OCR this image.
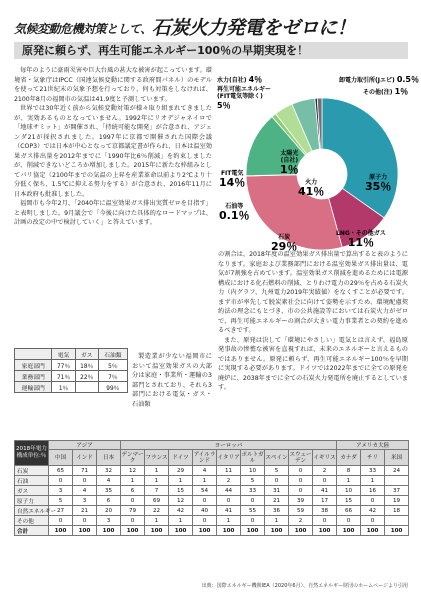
気候変動危機対策として、 石炭火力発電をゼロに！
原発に頼らず、再生可能エネルギー100％の早期実現を！

毎年のように豪雨災害や巨大台風の甚大な被害が起こっています。環境省・気象庁はIPCC（国連気候変動に関する政府間パネル）のモデルを使って21世紀末の気象予想を行っており、何も対策をしなければ、2100年8月の福岡市の気温は41.9度と予測しています。

世界では30年近く前から気候変動対策が様々取り組まれてきましたが、実効あるものとなっていません。1992年にリオデジャネイロで「地球サミット」が開催され、「持続可能な開発」が合意され、アジェンダ21が採択されました。1997年に京都で開催された国際会議（COP3）では日本が中心となって京都議定書が作られ、日本は温室効果ガス排出量を2012年までに「1990年比6％削減」を約束しましたが、削減できないどころか増加しました。2015年に新たな枠組みとしてパリ協定（2100年までの気温の上昇を産業革命以前より2℃より十分低く保ち、1.5℃に抑える努力をする）が合意され、2016年11月に日本政府も批准しました。

福岡市も今年2月、「2040年に温室効果ガス排出実質ゼロを目指す」と表明しました。9月議会で「今後に向けた具体的なロードマップは、計画の改定の中で検討していく」と答えています。

製造業が少ない福岡市において温室効果ガスの大部分は家庭・事業所・運輸の3部門とされており、それら3部門における電気・ガス・石油類

の割合は、2018年度の温室効果ガス排出量で算出すると表のようになります。家庭および業務部門における温室効果ガス排出量は、電気が7割強を占めています。温室効果ガス削減を進めるためには電源構成における化石燃料の削減、とりわけ電力の29％を占める石炭火力（内グラフ、九州電力2019年実績値）をなくすことが必要です。まず市が率先して脱炭素社会に向けて姿勢を示すため、環境配慮契約法の理念にもとづき、市の公共施設等においては石炭火力がゼロで、再生可能エネルギーの割合が大きい電力事業者との契約を進めるべきです。

また、原発は決して「環境にやさしい」電気とは言えず、福島原発事故の惨憺な被害を直視すれば、未来のエネルギーと言えるものではありません。原発に頼らず、再生可能エネルギー100％を早期に実現する必要があります。ドイツでは2022年までに全ての原発を廃炉に、2038年までに全ての石炭火力発電所を廃止するとしています。

原子力
35％
LNG・その他ガス
11％
石炭
29％
石油等
0.1％
FIT電気
14％
太陽光
(自社)
1％
水力(自社) 4％
再生可能エネルギー
(FIT電気等除く)
5％
卸電力取引所(Jエピ) 0.5％
その他(注) 1％
火力
41％
	電気	ガス	石油類
家庭部門	77％	18％	5％
業務部門	71％	22％	7％
運輸部門	1％		99％
2018年電力構成単位:％	アジア			ヨーロッパ									アメリカ大陸		
	中国	インド	日本	デンマーク	フランス	ドイツ	アイルランド	イタリア	ポルトガル	スペイン	スウェーデン	イギリス	カナダ	チリ	米国
石炭	65	71	32	12	1	29	4	11	10	5	0	2	8	33	24
石油	0	0	4	1	1	1	1	2	5	0	0	0	1	1	
ガス	3	4	35	6	7	15	54	44	33	31	0	41	10	16	37
原子力	5	3	6	0	69	12	0	0	0	21	39	17	15	0	19
自然エネルギー	27	21	20	79	22	42	40	41	55	36	59	38	66	42	18
その他	0	0	3	0	1	1	0	1	0	1	2	0	0	0	
合計	100	100	100	100	100	100	100	100	100	100	100	100	100	100	100
出典：国際エネルギー機関IEA（2020年6月）、自然エネルギー財団のホームページより引用
